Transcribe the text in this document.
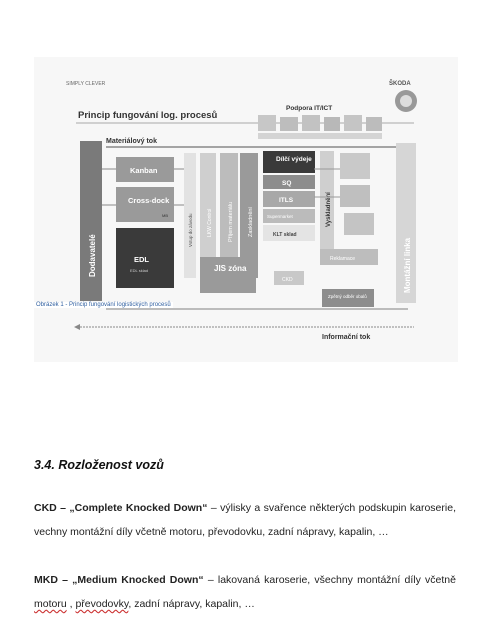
SIMPLY CLEVER	ŠKODA
Princip fungování log. procesů
Podpora IT/ICT
Materiálový tok
Dodavatelé
Kanban
Cross-dock
MB
EDL
EDL sklad
Vstup do závodu	LKW Control	Příjem materiálu	Zaskladnění
Dílčí výdeje
SQ
ITLS
Supermarket
KLT sklad
Vyskladnění
Montážní linka
JIS zóna
CKD
Reklamace
Zpětný odběr obalů
Informační tok
Obrázek 1 - Princip fungování logistických procesů
3.4. Rozloženost vozů
CKD – „Complete Knocked Down“ – výlisky a svařence některých podskupin karoserie, vechny montážní díly včetně motoru, převodovku, zadní nápravy, kapalin, …
MKD – „Medium Knocked Down“ – lakovaná karoserie, všechny montážní díly včetně motoru , převodovky, zadní nápravy, kapalin, …
